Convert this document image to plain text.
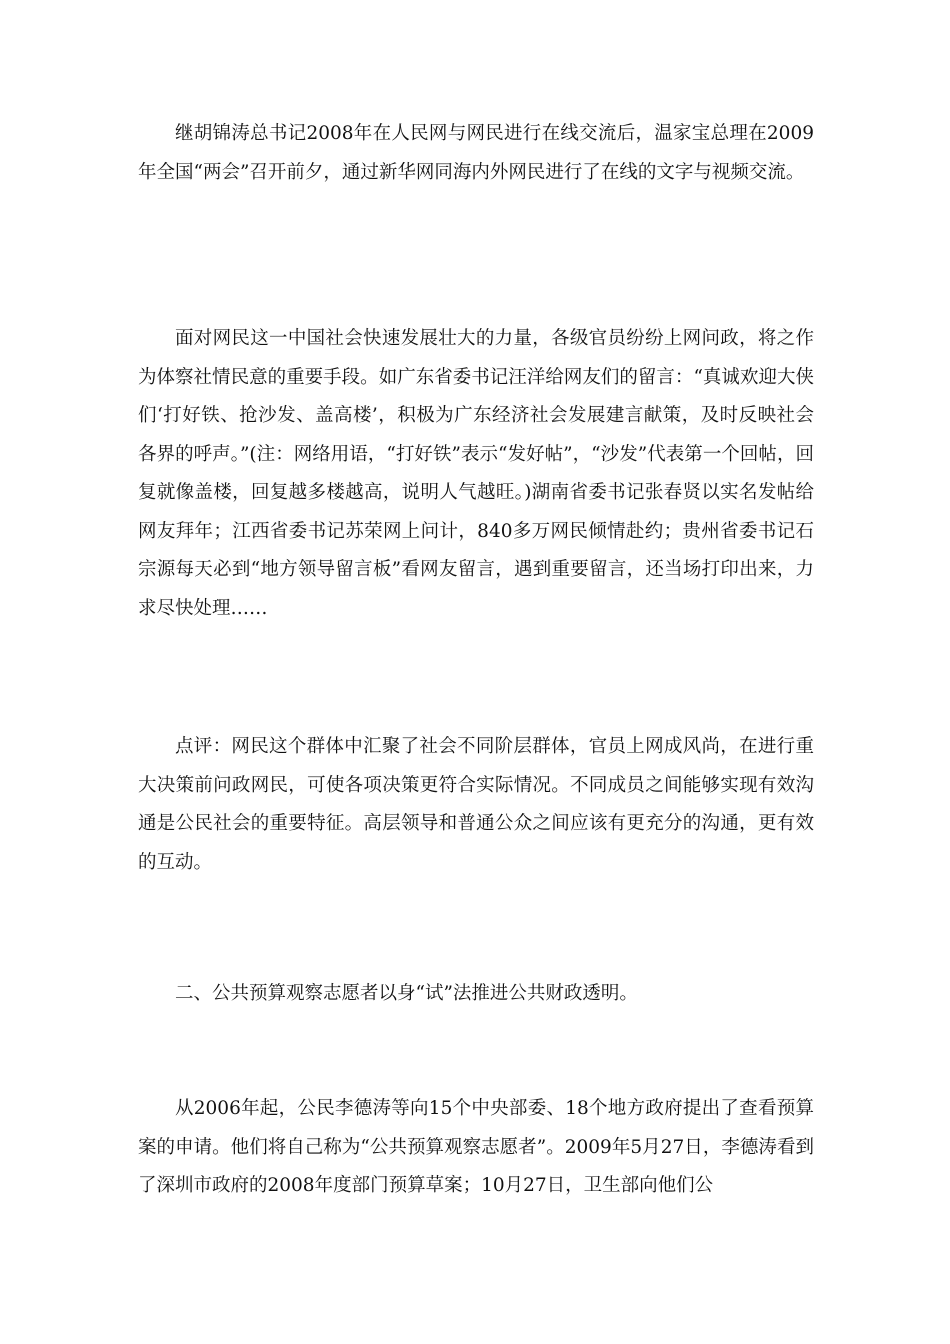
继胡锦涛总书记2008年在人民网与网民进行在线交流后，温家宝总理在2009年全国“两会”召开前夕，通过新华网同海内外网民进行了在线的文字与视频交流。

面对网民这一中国社会快速发展壮大的力量，各级官员纷纷上网问政，将之作为体察社情民意的重要手段。如广东省委书记汪洋给网友们的留言：“真诚欢迎大侠们‘打好铁、抢沙发、盖高楼’，积极为广东经济社会发展建言献策，及时反映社会各界的呼声。”(注：网络用语，“打好铁”表示“发好帖”，“沙发”代表第一个回帖，回复就像盖楼，回复越多楼越高，说明人气越旺。)湖南省委书记张春贤以实名发帖给网友拜年；江西省委书记苏荣网上问计，840多万网民倾情赴约；贵州省委书记石宗源每天必到“地方领导留言板”看网友留言，遇到重要留言，还当场打印出来，力求尽快处理……

点评：网民这个群体中汇聚了社会不同阶层群体，官员上网成风尚，在进行重大决策前问政网民，可使各项决策更符合实际情况。不同成员之间能够实现有效沟通是公民社会的重要特征。高层领导和普通公众之间应该有更充分的沟通，更有效的互动。

二、公共预算观察志愿者以身“试”法推进公共财政透明。

从2006年起，公民李德涛等向15个中央部委、18个地方政府提出了查看预算案的申请。他们将自己称为“公共预算观察志愿者”。2009年5月27日，李德涛看到了深圳市政府的2008年度部门预算草案；10月27日，卫生部向他们公
